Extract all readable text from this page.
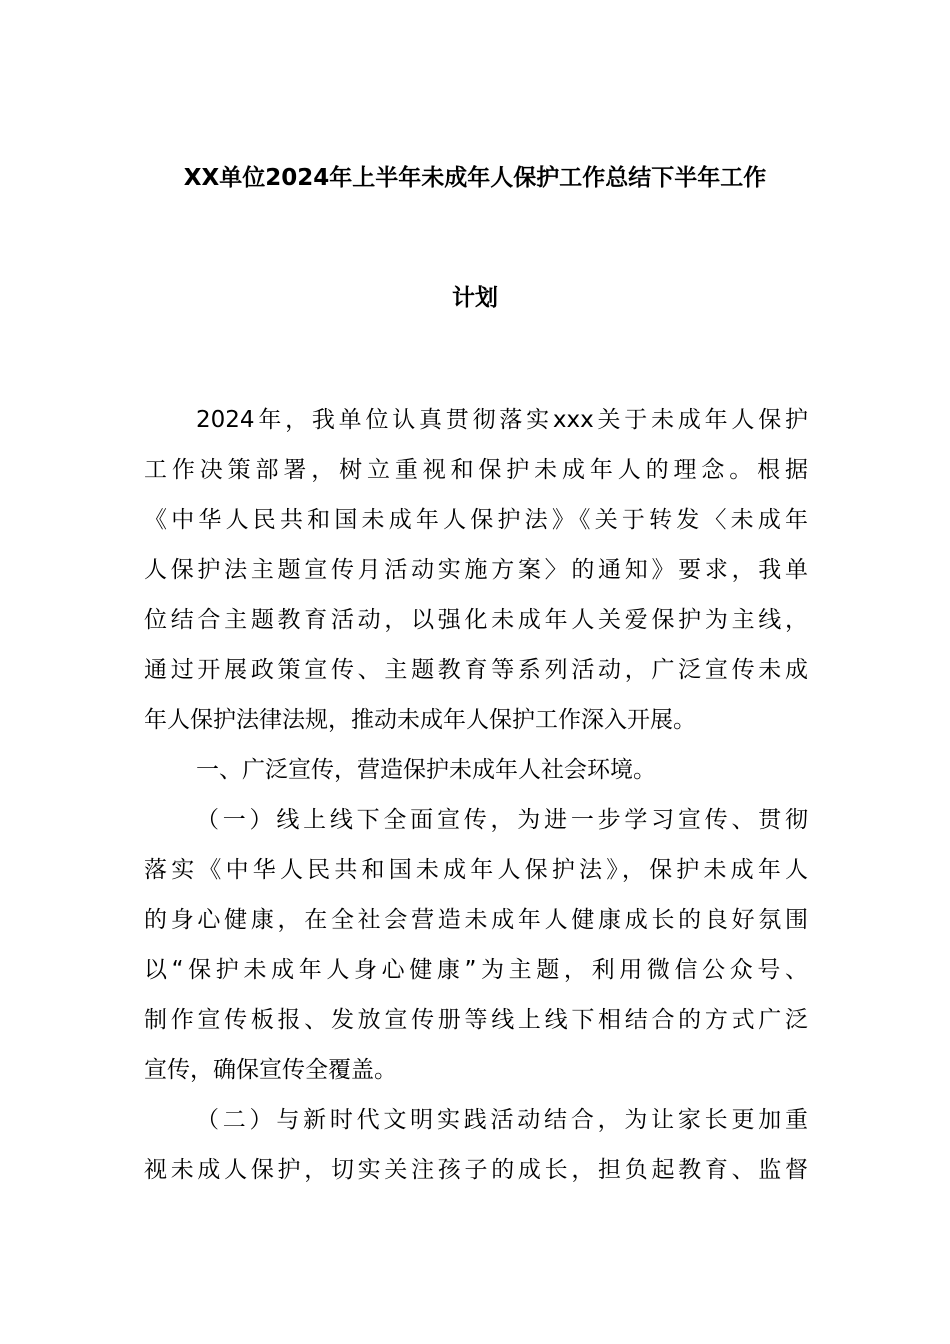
XX单位2024年上半年未成年人保护工作总结下半年工作
计划
2024年，我单位认真贯彻落实xxx关于未成年人保护
工作决策部署，树立重视和保护未成年人的理念。根据
《中华人民共和国未成年人保护法》《关于转发〈未成年
人保护法主题宣传月活动实施方案〉的通知》要求，我单
位结合主题教育活动，以强化未成年人关爱保护为主线，
通过开展政策宣传、主题教育等系列活动，广泛宣传未成
年人保护法律法规，推动未成年人保护工作深入开展。
一、广泛宣传，营造保护未成年人社会环境。
（一）线上线下全面宣传，为进一步学习宣传、贯彻
落实《中华人民共和国未成年人保护法》，保护未成年人
的身心健康，在全社会营造未成年人健康成长的良好氛围
以“保护未成年人身心健康”为主题，利用微信公众号、
制作宣传板报、发放宣传册等线上线下相结合的方式广泛
宣传，确保宣传全覆盖。
（二）与新时代文明实践活动结合，为让家长更加重
视未成人保护，切实关注孩子的成长，担负起教育、监督
